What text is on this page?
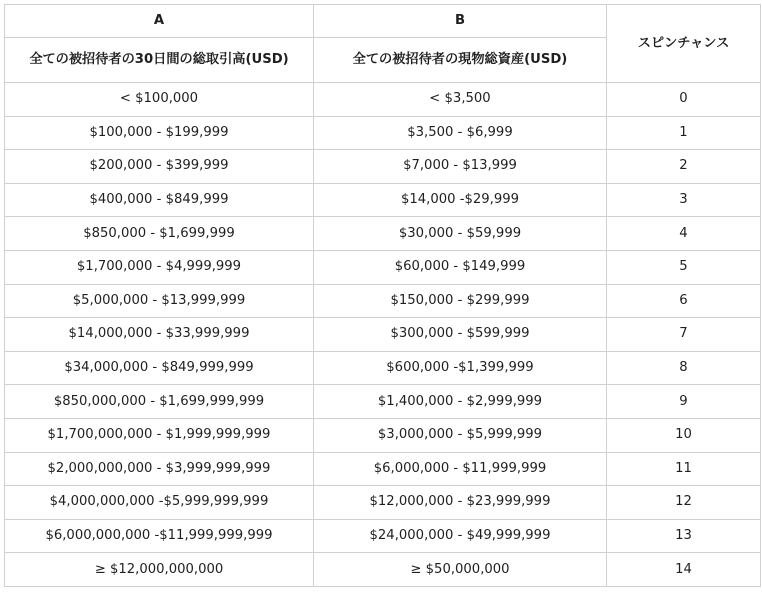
A	B	スピンチャンス
全ての被招待者の30日間の総取引高(USD)	全ての被招待者の現物総資産(USD)	
< $100,000	< $3,500	0
$100,000 - $199,999	$3,500 - $6,999	1
$200,000 - $399,999	$7,000 - $13,999	2
$400,000 - $849,999	$14,000 -$29,999	3
$850,000 - $1,699,999	$30,000 - $59,999	4
$1,700,000 - $4,999,999	$60,000 - $149,999	5
$5,000,000 - $13,999,999	$150,000 - $299,999	6
$14,000,000 - $33,999,999	$300,000 - $599,999	7
$34,000,000 - $849,999,999	$600,000 -$1,399,999	8
$850,000,000 - $1,699,999,999	$1,400,000 - $2,999,999	9
$1,700,000,000 - $1,999,999,999	$3,000,000 - $5,999,999	10
$2,000,000,000 - $3,999,999,999	$6,000,000 - $11,999,999	11
$4,000,000,000 -$5,999,999,999	$12,000,000 - $23,999,999	12
$6,000,000,000 -$11,999,999,999	$24,000,000 - $49,999,999	13
≥ $12,000,000,000	≥ $50,000,000	14
